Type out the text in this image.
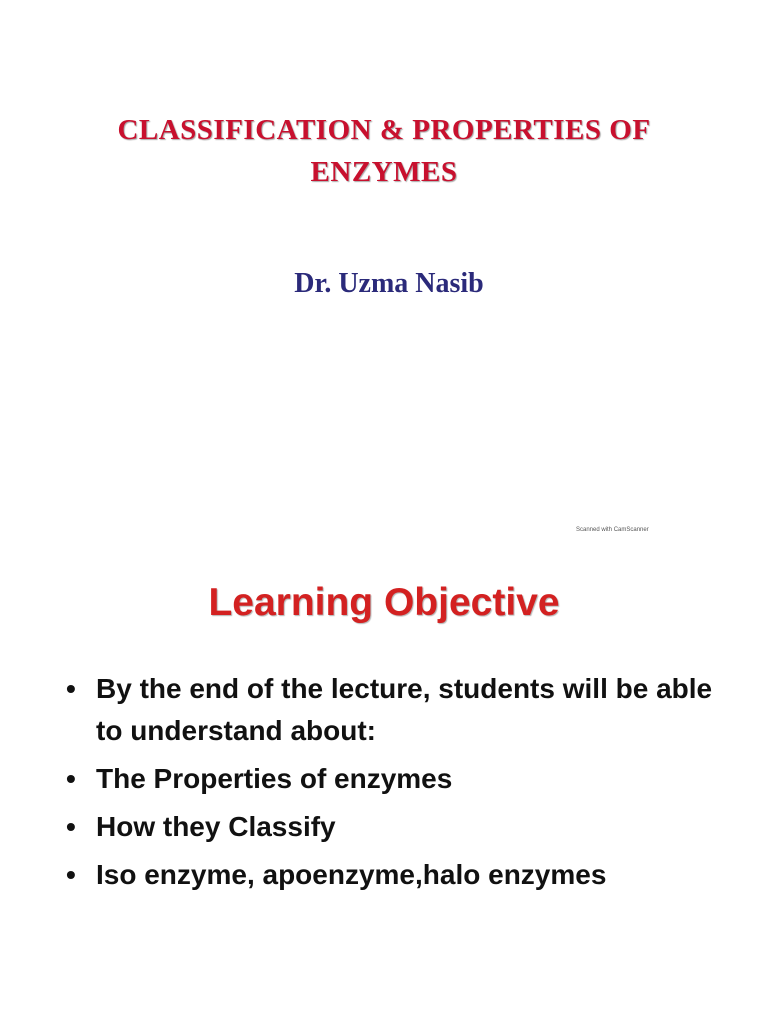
CLASSIFICATION & PROPERTIES OF
ENZYMES
Dr. Uzma Nasib
Scanned with CamScanner
Learning Objective
• By the end of the lecture, students will be able to understand about:
• The Properties of enzymes
• How they Classify
• Iso enzyme, apoenzyme,halo enzymes
